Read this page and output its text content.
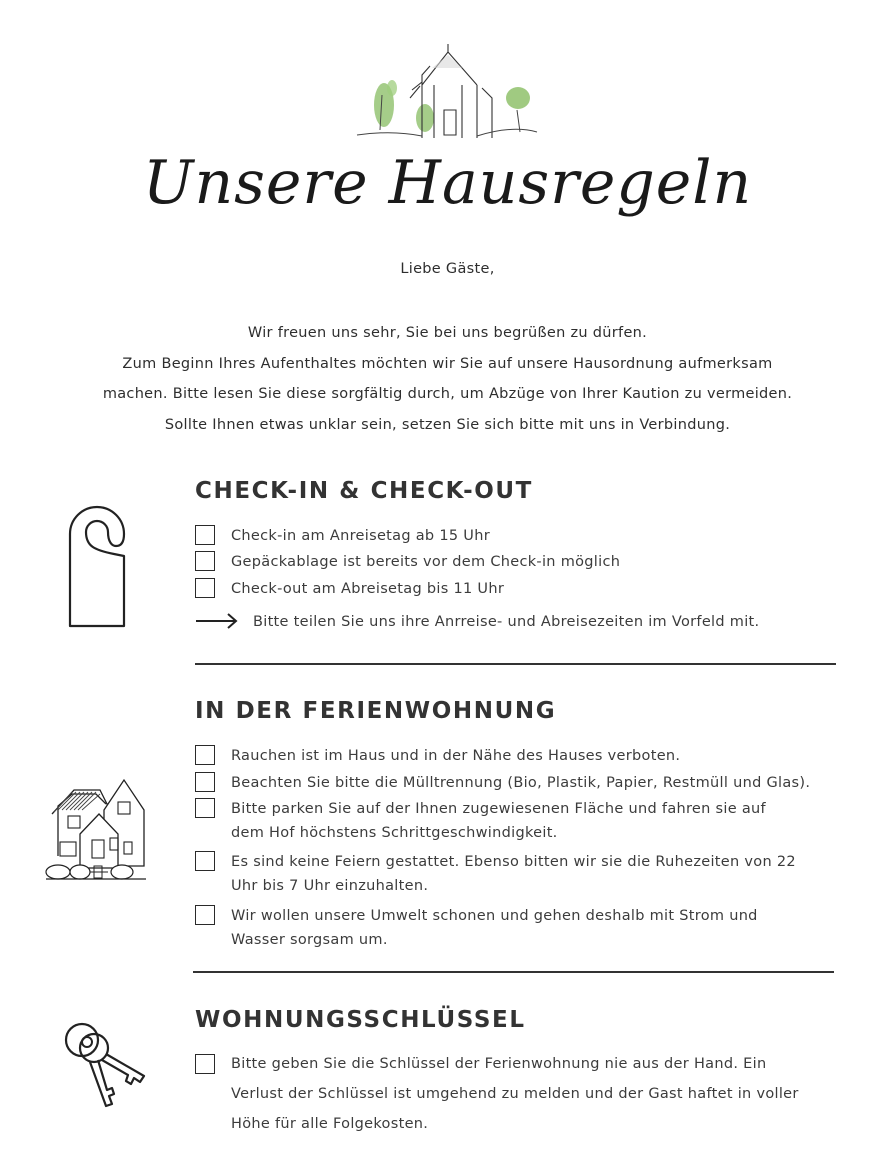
Unsere Hausregeln
Liebe Gäste,
Wir freuen uns sehr, Sie bei uns begrüßen zu dürfen.
Zum Beginn Ihres Aufenthaltes möchten wir Sie auf unsere Hausordnung aufmerksam
machen. Bitte lesen Sie diese sorgfältig durch, um Abzüge von Ihrer Kaution zu vermeiden.
Sollte Ihnen etwas unklar sein, setzen Sie sich bitte mit uns in Verbindung.
CHECK-IN & CHECK-OUT
Check-in am Anreisetag ab 15 Uhr
Gepäckablage ist bereits vor dem Check-in möglich
Check-out am Abreisetag bis 11 Uhr
Bitte teilen Sie uns ihre Anrreise- und Abreisezeiten im Vorfeld mit.
IN DER FERIENWOHNUNG
Rauchen ist im Haus und in der Nähe des Hauses verboten.
Beachten Sie bitte die Mülltrennung (Bio, Plastik, Papier, Restmüll und Glas).
Bitte parken Sie auf der Ihnen zugewiesenen Fläche und fahren sie auf
dem Hof höchstens Schrittgeschwindigkeit.
Es sind keine Feiern gestattet. Ebenso bitten wir sie die Ruhezeiten von 22
Uhr bis 7 Uhr einzuhalten.
Wir wollen unsere Umwelt schonen und gehen deshalb mit Strom und
Wasser sorgsam um.
WOHNUNGSSCHLÜSSEL
Bitte geben Sie die Schlüssel der Ferienwohnung nie aus der Hand. Ein
Verlust der Schlüssel ist umgehend zu melden und der Gast haftet in voller
Höhe für alle Folgekosten.
